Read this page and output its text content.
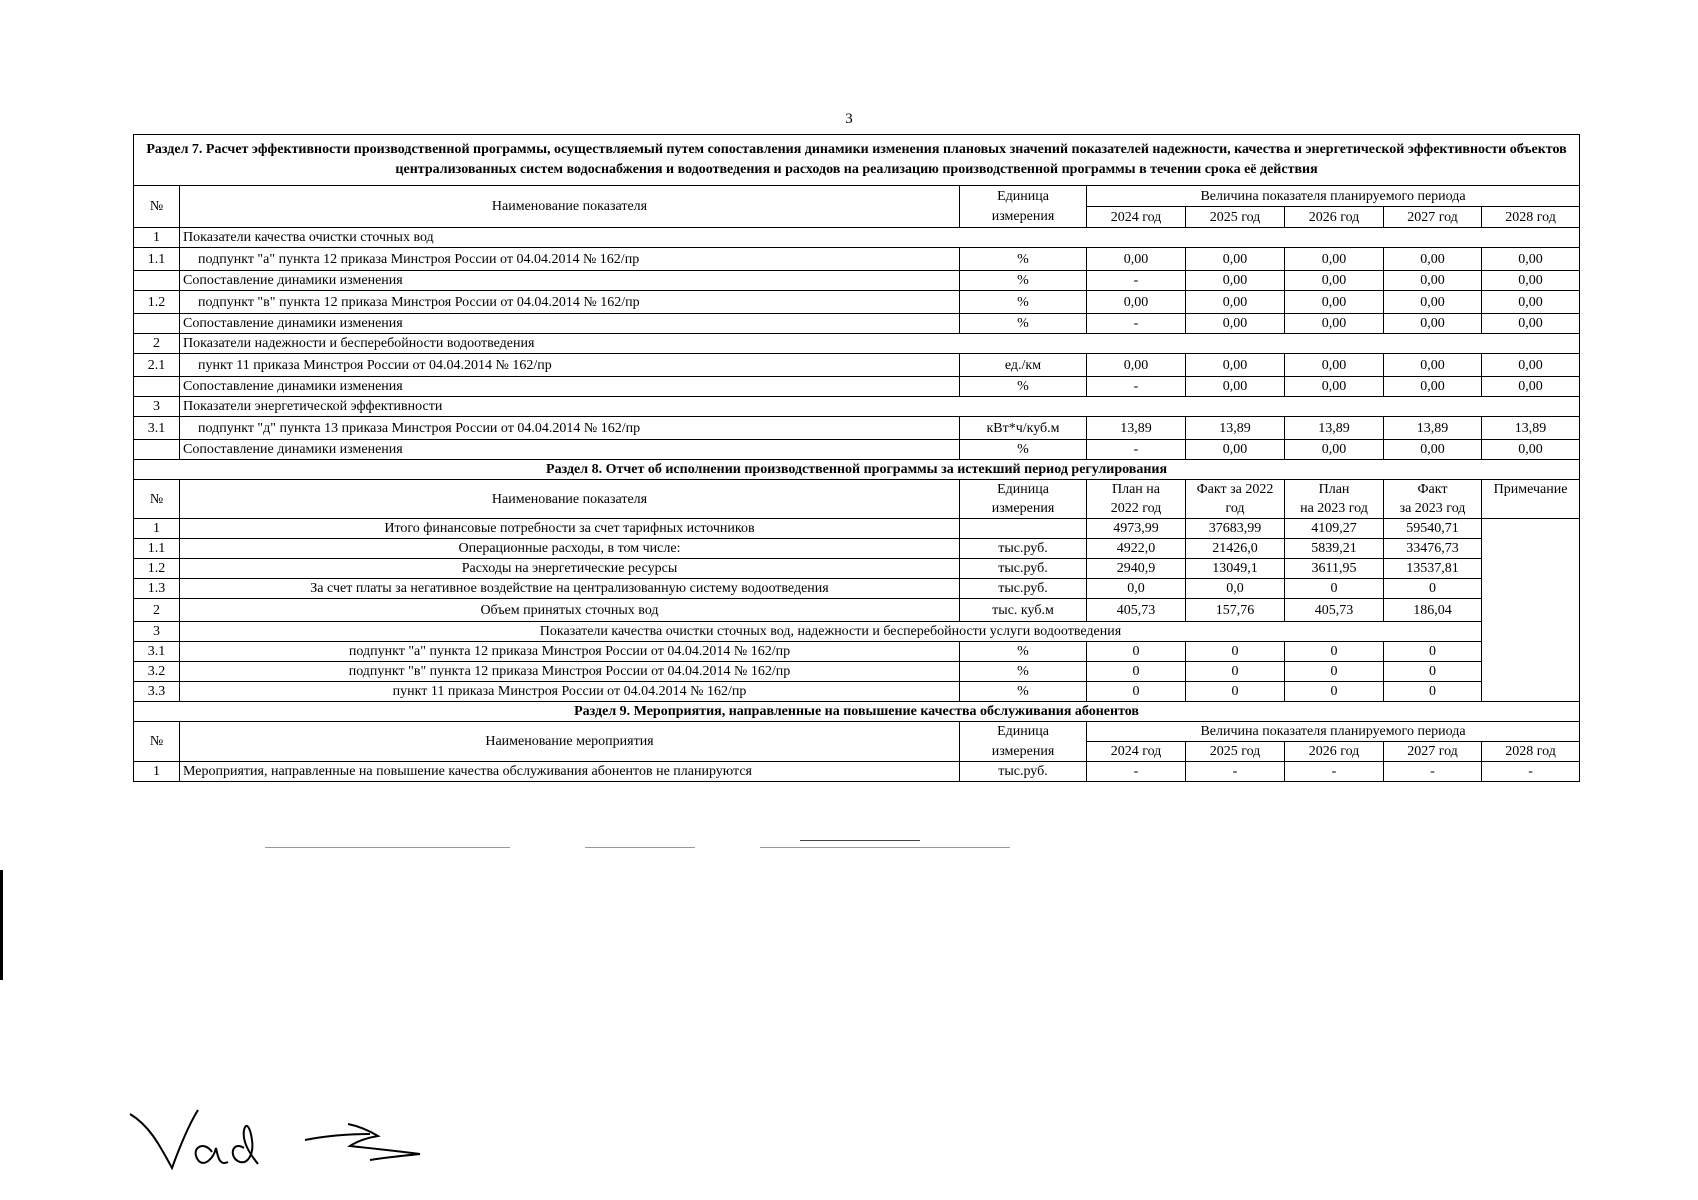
3
Раздел 7. Расчет эффективности производственной программы, осуществляемый путем сопоставления динамики изменения плановых значений показателей надежности, качества и энергетической эффективности объектов централизованных систем водоснабжения и водоотведения и расходов на реализацию производственной программы в течении срока её действия							
№	Наименование показателя	Единица	Величина показателя планируемого периода				
		измерения	2024 год	2025 год	2026 год	2027 год	2028 год
1	Показатели качества очистки сточных вод						
1.1	подпункт "а" пункта 12 приказа Минстроя России от 04.04.2014 № 162/пр	%	0,00	0,00	0,00	0,00	0,00
	Сопоставление динамики изменения	%	-	0,00	0,00	0,00	0,00
1.2	подпункт "в" пункта 12 приказа Минстроя России от 04.04.2014 № 162/пр	%	0,00	0,00	0,00	0,00	0,00
	Сопоставление динамики изменения	%	-	0,00	0,00	0,00	0,00
2	Показатели надежности и бесперебойности водоотведения						
2.1	пункт 11 приказа Минстроя России от 04.04.2014 № 162/пр	ед./км	0,00	0,00	0,00	0,00	0,00
	Сопоставление динамики изменения	%	-	0,00	0,00	0,00	0,00
3	Показатели энергетической эффективности						
3.1	подпункт "д" пункта 13 приказа Минстроя России от 04.04.2014 № 162/пр	кВт*ч/куб.м	13,89	13,89	13,89	13,89	13,89
	Сопоставление динамики изменения	%	-	0,00	0,00	0,00	0,00
Раздел 8. Отчет об исполнении производственной программы за истекший период регулирования							
№	Наименование показателя	Единица	План на	Факт за 2022	План	Факт	Примечание
		измерения	2022 год	год	на 2023 год	за 2023 год	
1	Итого финансовые потребности за счет тарифных источников		4973,99	37683,99	4109,27	59540,71	
1.1	Операционные расходы, в том числе:	тыс.руб.	4922,0	21426,0	5839,21	33476,73	
1.2	Расходы на энергетические ресурсы	тыс.руб.	2940,9	13049,1	3611,95	13537,81	
1.3	За счет платы за негативное воздействие на централизованную систему водоотведения	тыс.руб.	0,0	0,0	0	0	
2	Объем принятых сточных вод	тыс. куб.м	405,73	157,76	405,73	186,04	
3	Показатели качества очистки сточных вод, надежности и бесперебойности услуги водоотведения						
3.1	подпункт "а" пункта 12 приказа Минстроя России от 04.04.2014 № 162/пр	%	0	0	0	0	
3.2	подпункт "в" пункта 12 приказа Минстроя России от 04.04.2014 № 162/пр	%	0	0	0	0	
3.3	пункт 11 приказа Минстроя России от 04.04.2014 № 162/пр	%	0	0	0	0	
Раздел 9. Мероприятия, направленные на повышение качества обслуживания абонентов							
№	Наименование мероприятия	Единица	Величина показателя планируемого периода				
		измерения	2024 год	2025 год	2026 год	2027 год	2028 год
1	Мероприятия, направленные на повышение качества обслуживания абонентов не планируются	тыс.руб.	-	-	-	-	-
